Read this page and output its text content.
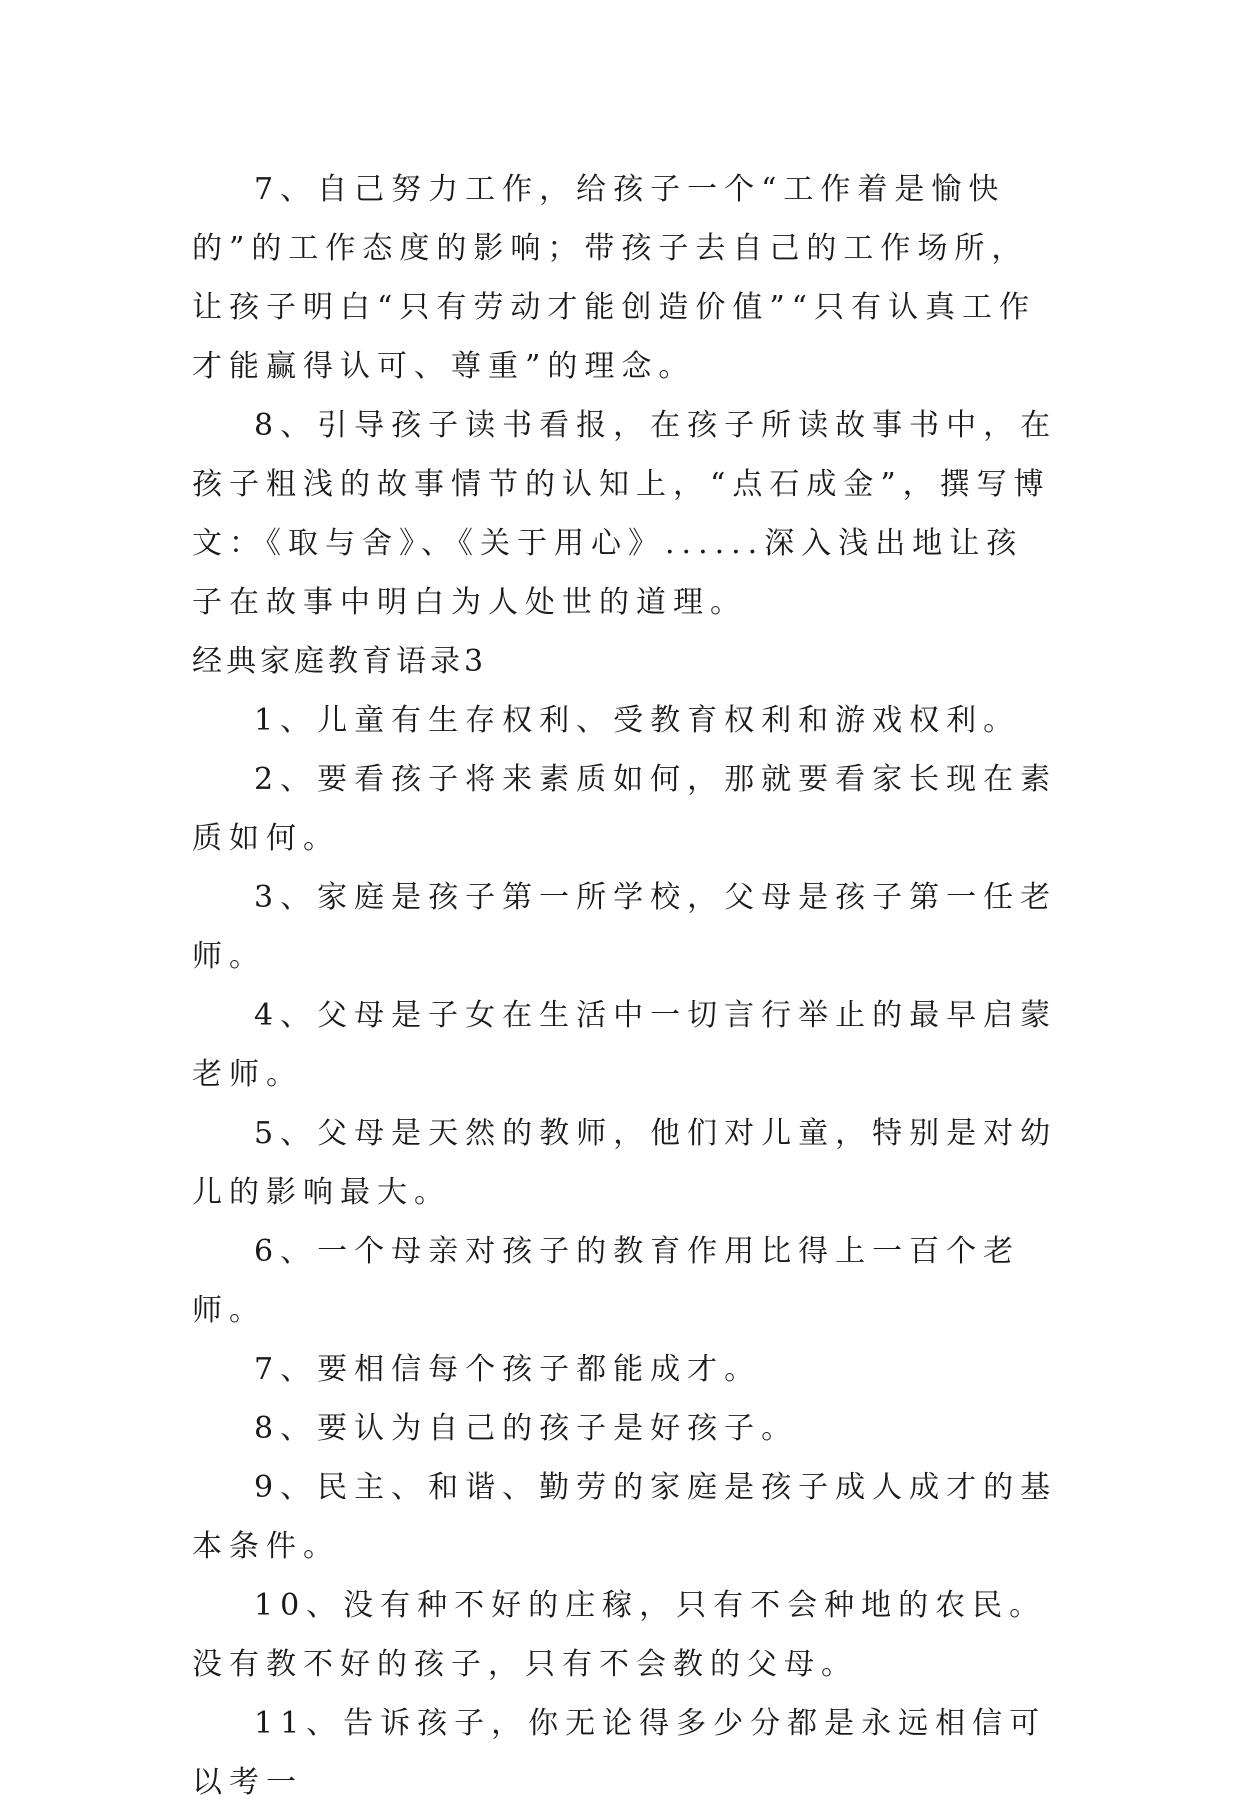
7、自己努力工作，给孩子一个“工作着是愉快的”的工作态度的影响；带孩子去自己的工作场所，让孩子明白“只有劳动才能创造价值”“只有认真工作才能赢得认可、尊重”的理念。

8、引导孩子读书看报，在孩子所读故事书中，在孩子粗浅的故事情节的认知上，“点石成金”，撰写博文：《取与舍》、《关于用心》......深入浅出地让孩子在故事中明白为人处世的道理。

经典家庭教育语录3

1、儿童有生存权利、受教育权利和游戏权利。

2、要看孩子将来素质如何，那就要看家长现在素质如何。

3、家庭是孩子第一所学校，父母是孩子第一任老师。

4、父母是子女在生活中一切言行举止的最早启蒙老师。

5、父母是天然的教师，他们对儿童，特别是对幼儿的影响最大。

6、一个母亲对孩子的教育作用比得上一百个老师。

7、要相信每个孩子都能成才。

8、要认为自己的孩子是好孩子。

9、民主、和谐、勤劳的家庭是孩子成人成才的基本条件。

10、没有种不好的庄稼，只有不会种地的农民。没有教不好的孩子，只有不会教的父母。

11、告诉孩子，你无论得多少分都是永远相信可以考一
